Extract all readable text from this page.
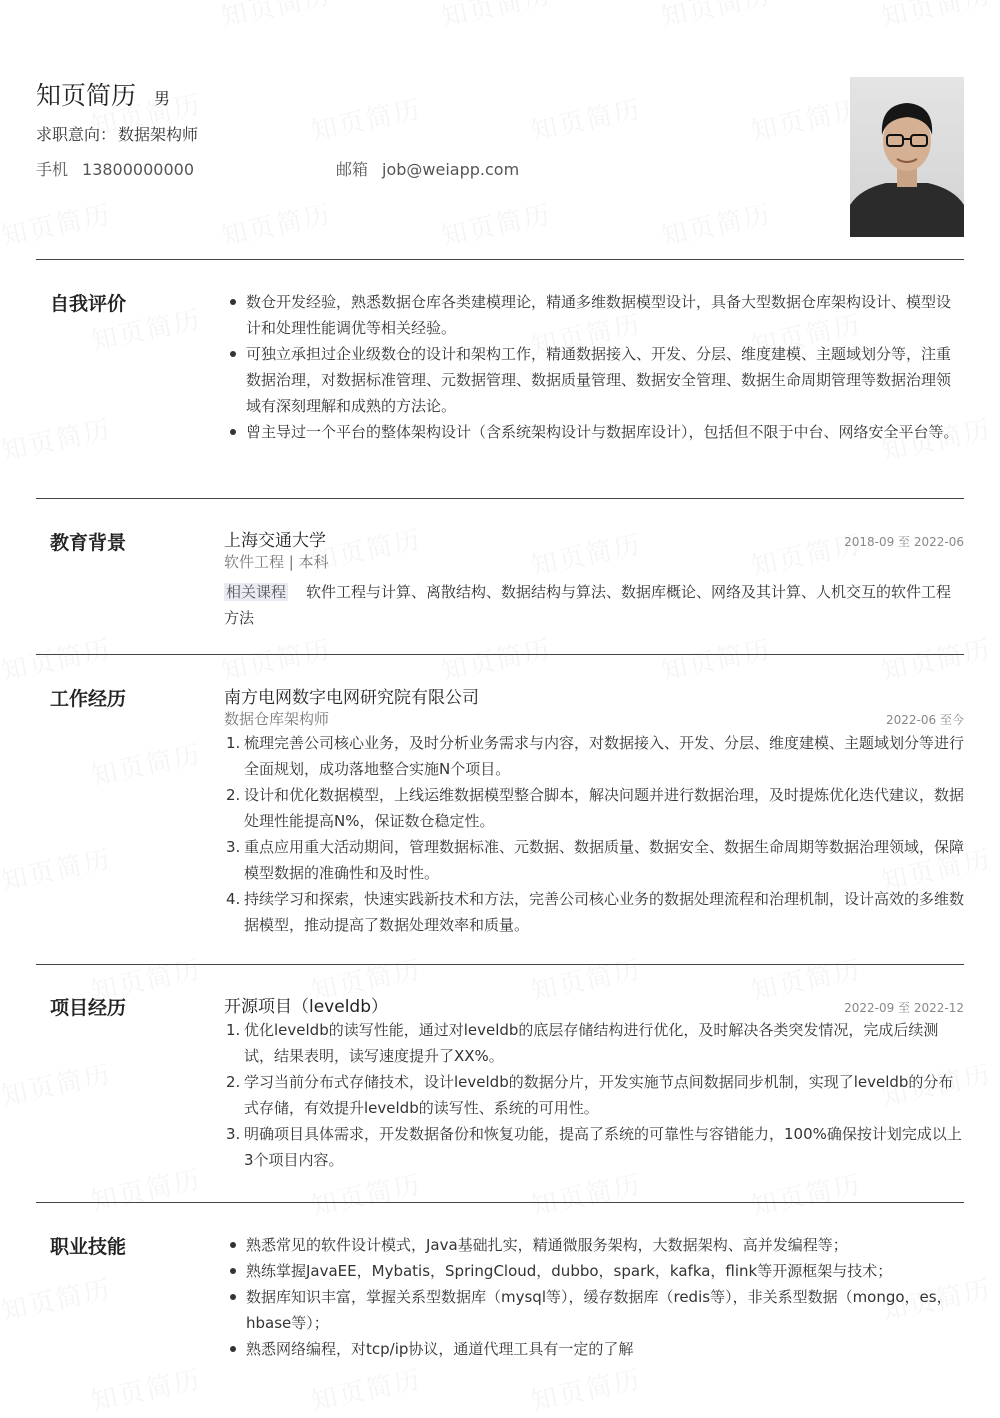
知页简历 男
求职意向： 数据架构师
手机 13800000000	邮箱 job@weiapp.com
自我评价	数仓开发经验，熟悉数据仓库各类建模理论，精通多维数据模型设计，具备大型数据仓库架构设计、模型设计和处理性能调优等相关经验。
可独立承担过企业级数仓的设计和架构工作，精通数据接入、开发、分层、维度建模、主题域划分等，注重数据治理，对数据标准管理、元数据管理、数据质量管理、数据安全管理、数据生命周期管理等数据治理领域有深刻理解和成熟的方法论。
曾主导过一个平台的整体架构设计（含系统架构设计与数据库设计），包括但不限于中台、网络安全平台等。
教育背景	上海交通大学	2018-09 至 2022-06
软件工程 | 本科
相关课程 软件工程与计算、离散结构、数据结构与算法、数据库概论、网络及其计算、人机交互的软件工程方法
工作经历	南方电网数字电网研究院有限公司
数据仓库架构师	2022-06 至今
1. 梳理完善公司核心业务，及时分析业务需求与内容，对数据接入、开发、分层、维度建模、主题域划分等进行全面规划，成功落地整合实施N个项目。
2. 设计和优化数据模型，上线运维数据模型整合脚本，解决问题并进行数据治理，及时提炼优化迭代建议，数据处理性能提高N%，保证数仓稳定性。
3. 重点应用重大活动期间，管理数据标准、元数据、数据质量、数据安全、数据生命周期等数据治理领域，保障模型数据的准确性和及时性。
4. 持续学习和探索，快速实践新技术和方法，完善公司核心业务的数据处理流程和治理机制，设计高效的多维数据模型，推动提高了数据处理效率和质量。
项目经历	开源项目（leveldb）	2022-09 至 2022-12
1. 优化leveldb的读写性能，通过对leveldb的底层存储结构进行优化，及时解决各类突发情况，完成后续测试，结果表明，读写速度提升了XX%。
2. 学习当前分布式存储技术，设计leveldb的数据分片，开发实施节点间数据同步机制，实现了leveldb的分布式存储，有效提升leveldb的读写性、系统的可用性。
3. 明确项目具体需求，开发数据备份和恢复功能，提高了系统的可靠性与容错能力，100%确保按计划完成以上3个项目内容。
职业技能	熟悉常见的软件设计模式，Java基础扎实，精通微服务架构，大数据架构、高并发编程等；
熟练掌握JavaEE，Mybatis，SpringCloud，dubbo，spark，kafka，flink等开源框架与技术；
数据库知识丰富，掌握关系型数据库（mysql等），缓存数据库（redis等），非关系型数据（mongo，es，hbase等）；
熟悉网络编程，对tcp/ip协议，通道代理工具有一定的了解
